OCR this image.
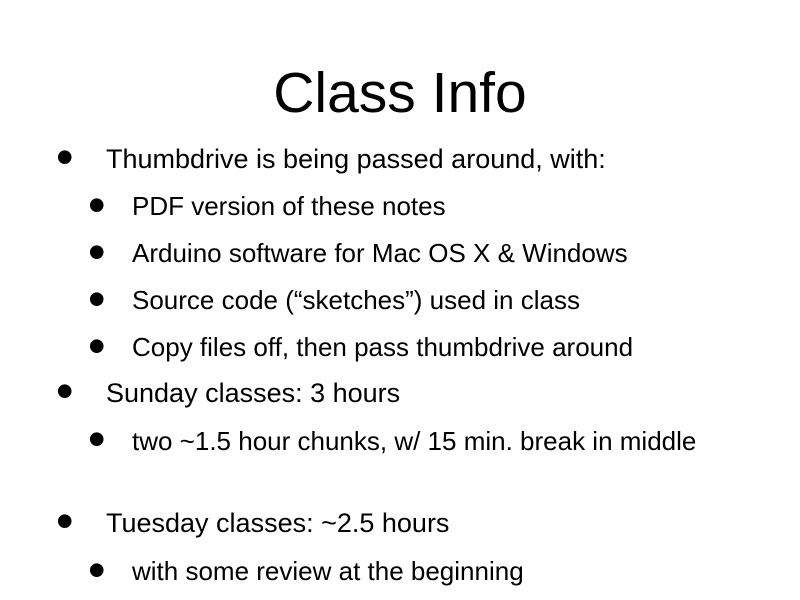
Class Info
• Thumbdrive is being passed around, with:
• PDF version of these notes
• Arduino software for Mac OS X & Windows
• Source code (“sketches”) used in class
• Copy files off, then pass thumbdrive around
• Sunday classes: 3 hours
• two ~1.5 hour chunks, w/ 15 min. break in middle
• Tuesday classes: ~2.5 hours
• with some review at the beginning
